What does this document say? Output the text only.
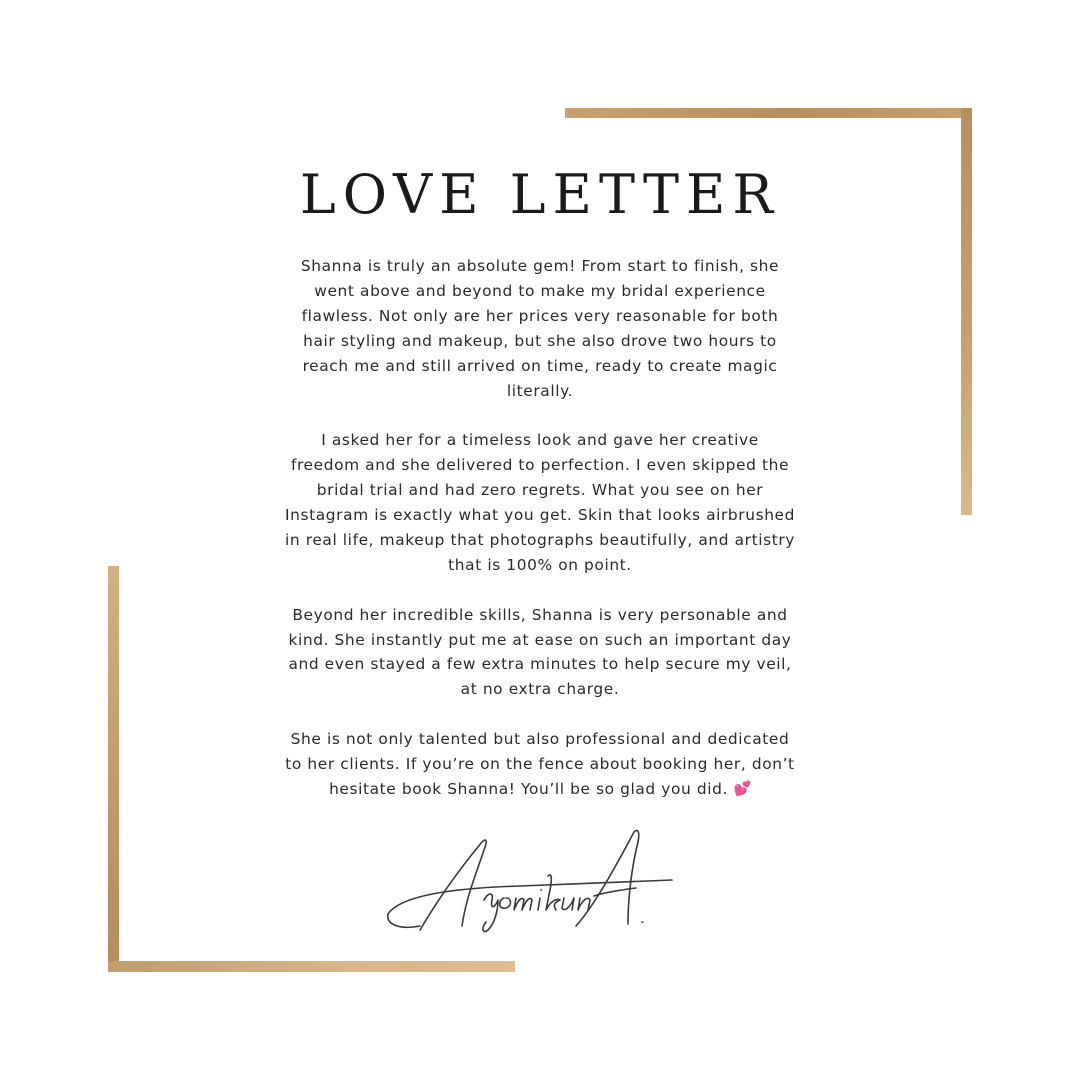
LOVE LETTER

Shanna is truly an absolute gem! From start to finish, she went above and beyond to make my bridal experience flawless. Not only are her prices very reasonable for both hair styling and makeup, but she also drove two hours to reach me and still arrived on time, ready to create magic literally.

I asked her for a timeless look and gave her creative freedom and she delivered to perfection. I even skipped the bridal trial and had zero regrets. What you see on her Instagram is exactly what you get. Skin that looks airbrushed in real life, makeup that photographs beautifully, and artistry that is 100% on point.

Beyond her incredible skills, Shanna is very personable and kind. She instantly put me at ease on such an important day and even stayed a few extra minutes to help secure my veil, at no extra charge.

She is not only talented but also professional and dedicated to her clients. If you’re on the fence about booking her, don’t hesitate book Shanna! You’ll be so glad you did. 💕
